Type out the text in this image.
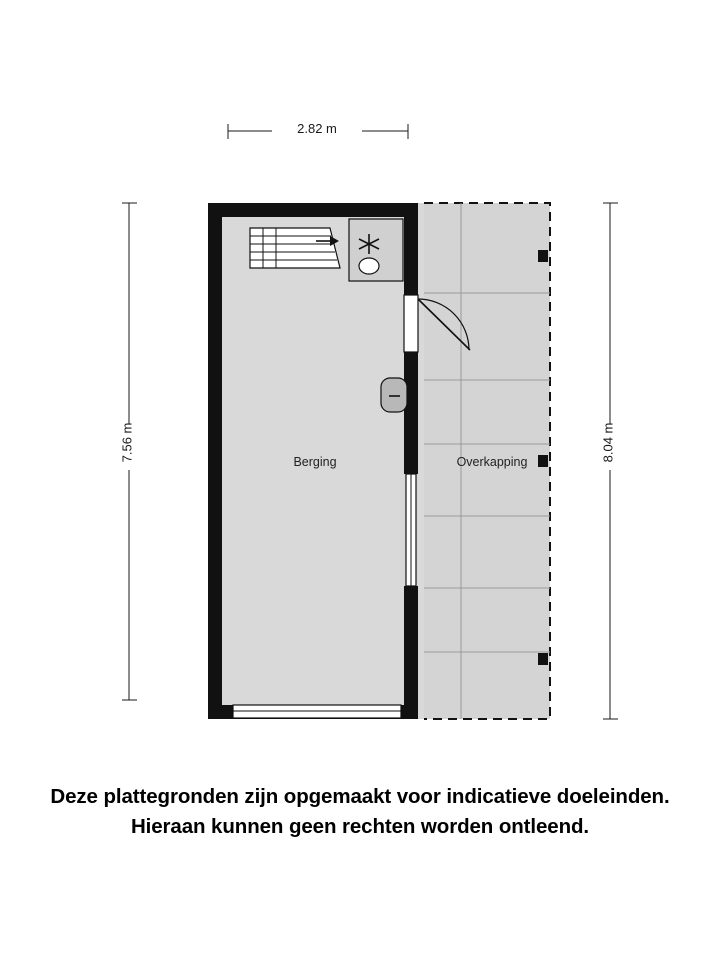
2.82 m
7.56 m	8.04 m
Berging	Overkapping
Deze plattegronden zijn opgemaakt voor indicatieve doeleinden.
Hieraan kunnen geen rechten worden ontleend.
